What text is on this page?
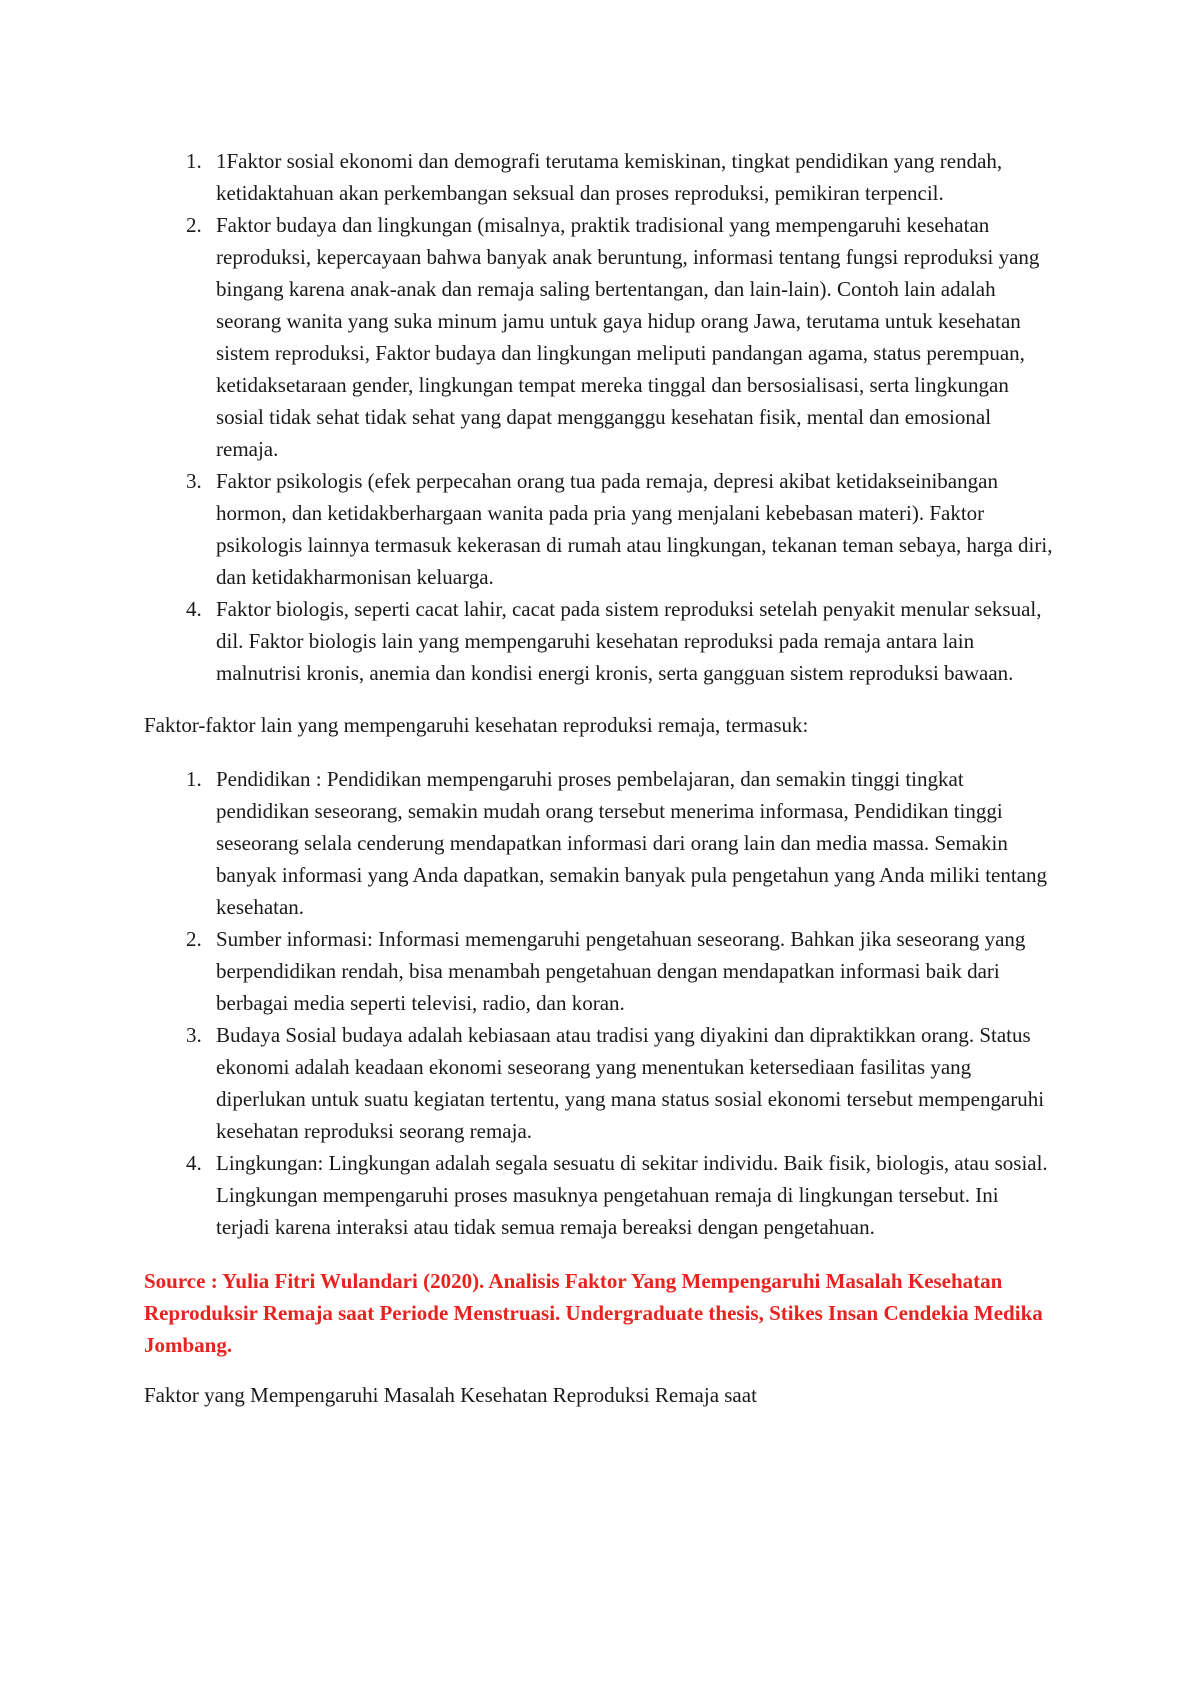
1. 1Faktor sosial ekonomi dan demografi terutama kemiskinan, tingkat pendidikan yang rendah, ketidaktahuan akan perkembangan seksual dan proses reproduksi, pemikiran terpencil.
2. Faktor budaya dan lingkungan (misalnya, praktik tradisional yang mempengaruhi kesehatan reproduksi, kepercayaan bahwa banyak anak beruntung, informasi tentang fungsi reproduksi yang bingang karena anak-anak dan remaja saling bertentangan, dan lain-lain). Contoh lain adalah seorang wanita yang suka minum jamu untuk gaya hidup orang Jawa, terutama untuk kesehatan sistem reproduksi, Faktor budaya dan lingkungan meliputi pandangan agama, status perempuan, ketidaksetaraan gender, lingkungan tempat mereka tinggal dan bersosialisasi, serta lingkungan sosial tidak sehat tidak sehat yang dapat mengganggu kesehatan fisik, mental dan emosional remaja.
3. Faktor psikologis (efek perpecahan orang tua pada remaja, depresi akibat ketidakseinibangan hormon, dan ketidakberhargaan wanita pada pria yang menjalani kebebasan materi). Faktor psikologis lainnya termasuk kekerasan di rumah atau lingkungan, tekanan teman sebaya, harga diri, dan ketidakharmonisan keluarga.
4. Faktor biologis, seperti cacat lahir, cacat pada sistem reproduksi setelah penyakit menular seksual, dil. Faktor biologis lain yang mempengaruhi kesehatan reproduksi pada remaja antara lain malnutrisi kronis, anemia dan kondisi energi kronis, serta gangguan sistem reproduksi bawaan.

Faktor-faktor lain yang mempengaruhi kesehatan reproduksi remaja, termasuk:

1. Pendidikan : Pendidikan mempengaruhi proses pembelajaran, dan semakin tinggi tingkat pendidikan seseorang, semakin mudah orang tersebut menerima informasa, Pendidikan tinggi seseorang selala cenderung mendapatkan informasi dari orang lain dan media massa. Semakin banyak informasi yang Anda dapatkan, semakin banyak pula pengetahun yang Anda miliki tentang kesehatan.
2. Sumber informasi: Informasi memengaruhi pengetahuan seseorang. Bahkan jika seseorang yang berpendidikan rendah, bisa menambah pengetahuan dengan mendapatkan informasi baik dari berbagai media seperti televisi, radio, dan koran.
3. Budaya Sosial budaya adalah kebiasaan atau tradisi yang diyakini dan dipraktikkan orang. Status ekonomi adalah keadaan ekonomi seseorang yang menentukan ketersediaan fasilitas yang diperlukan untuk suatu kegiatan tertentu, yang mana status sosial ekonomi tersebut mempengaruhi kesehatan reproduksi seorang remaja.
4. Lingkungan: Lingkungan adalah segala sesuatu di sekitar individu. Baik fisik, biologis, atau sosial. Lingkungan mempengaruhi proses masuknya pengetahuan remaja di lingkungan tersebut. Ini terjadi karena interaksi atau tidak semua remaja bereaksi dengan pengetahuan.

Source : Yulia Fitri Wulandari (2020). Analisis Faktor Yang Mempengaruhi Masalah Kesehatan Reproduksir Remaja saat Periode Menstruasi. Undergraduate thesis, Stikes Insan Cendekia Medika Jombang.

Faktor yang Mempengaruhi Masalah Kesehatan Reproduksi Remaja saat
